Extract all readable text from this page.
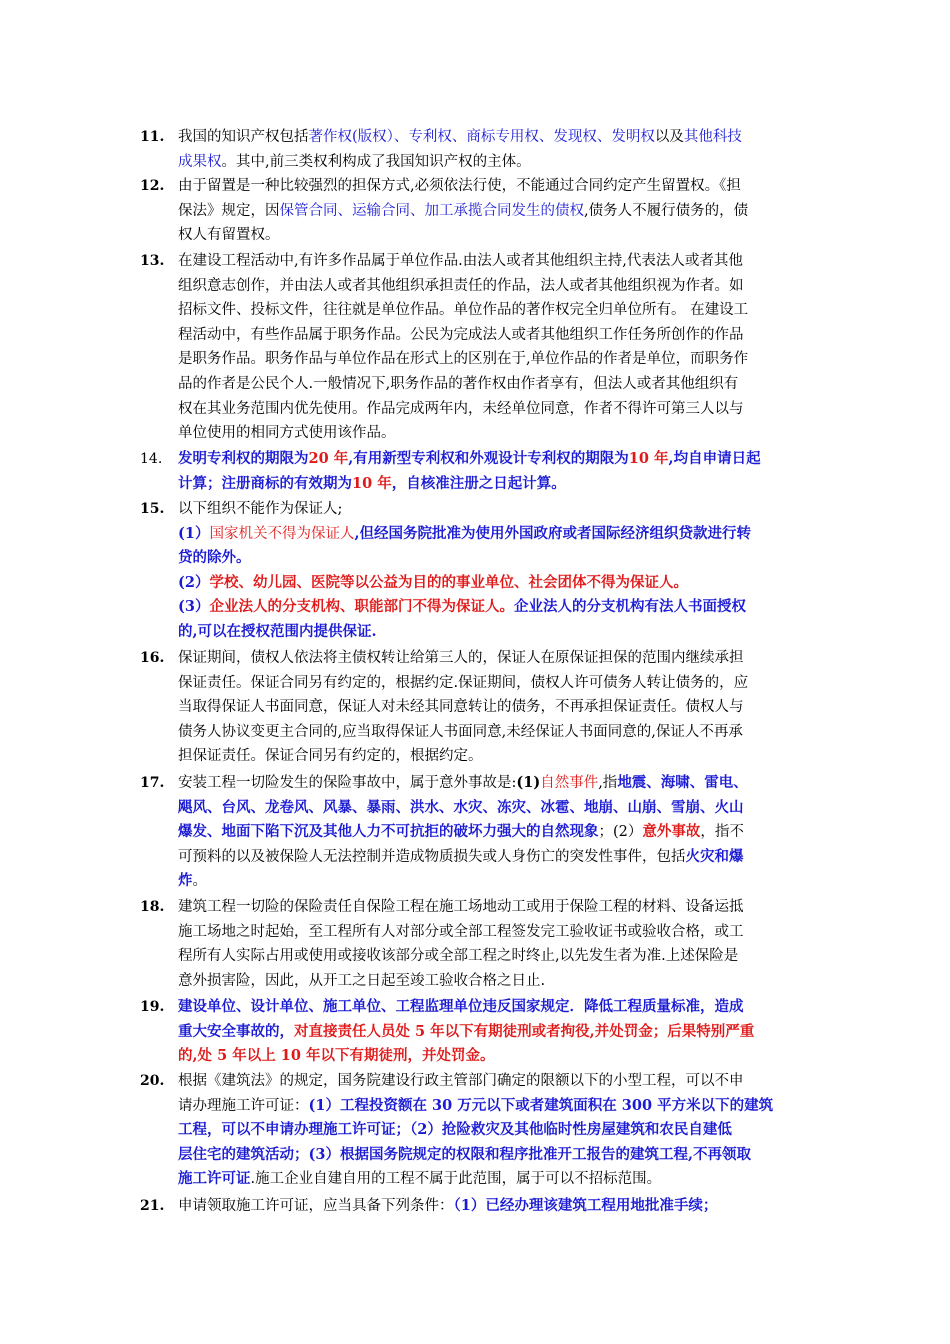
11. 我国的知识产权包括著作权(版权）、专利权、商标专用权、发现权、发明权以及其他科技
成果权。其中,前三类权利构成了我国知识产权的主体。
12. 由于留置是一种比较强烈的担保方式,必须依法行使，不能通过合同约定产生留置权。《担
保法》规定，因保管合同、运输合同、加工承揽合同发生的债权,债务人不履行债务的，债
权人有留置权。
13. 在建设工程活动中,有许多作品属于单位作品.由法人或者其他组织主持,代表法人或者其他
组织意志创作，并由法人或者其他组织承担责任的作品，法人或者其他组织视为作者。如
招标文件、投标文件，往往就是单位作品。单位作品的著作权完全归单位所有。 在建设工
程活动中，有些作品属于职务作品。公民为完成法人或者其他组织工作任务所创作的作品
是职务作品。职务作品与单位作品在形式上的区别在于,单位作品的作者是单位，而职务作
品的作者是公民个人.一般情况下,职务作品的著作权由作者享有，但法人或者其他组织有
权在其业务范围内优先使用。作品完成两年内，未经单位同意，作者不得许可第三人以与
单位使用的相同方式使用该作品。
14.	发明专利权的期限为20 年,有用新型专利权和外观设计专利权的期限为10 年,均自申请日起
计算；注册商标的有效期为10 年，自核准注册之日起计算。
15. 以下组织不能作为保证人;
(1）国家机关不得为保证人,但经国务院批准为使用外国政府或者国际经济组织贷款进行转
贷的除外。
(2）学校、幼儿园、医院等以公益为目的的事业单位、社会团体不得为保证人。
(3）企业法人的分支机构、职能部门不得为保证人。企业法人的分支机构有法人书面授权
的,可以在授权范围内提供保证.
16. 保证期间，债权人依法将主债权转让给第三人的，保证人在原保证担保的范围内继续承担
保证责任。保证合同另有约定的，根据约定.保证期间，债权人许可债务人转让债务的，应
当取得保证人书面同意，保证人对未经其同意转让的债务，不再承担保证责任。债权人与
债务人协议变更主合同的,应当取得保证人书面同意,未经保证人书面同意的,保证人不再承
担保证责任。保证合同另有约定的，根据约定。
17. 安装工程一切险发生的保险事故中，属于意外事故是:(1)自然事件,指地震、海啸、雷电、
飓风、台风、龙卷风、风暴、暴雨、洪水、水灾、冻灾、冰雹、地崩、山崩、雪崩、火山
爆发、地面下陷下沉及其他人力不可抗拒的破坏力强大的自然现象；(2）意外事故，指不
可预料的以及被保险人无法控制并造成物质损失或人身伤亡的突发性事件，包括火灾和爆
炸。
18. 建筑工程一切险的保险责任自保险工程在施工场地动工或用于保险工程的材料、设备运抵
施工场地之时起始，至工程所有人对部分或全部工程签发完工验收证书或验收合格，或工
程所有人实际占用或使用或接收该部分或全部工程之时终止,以先发生者为准.上述保险是
意外损害险，因此，从开工之日起至竣工验收合格之日止.
19. 建设单位、设计单位、施工单位、工程监理单位违反国家规定．降低工程质量标准，造成
重大安全事故的，对直接责任人员处 5 年以下有期徒刑或者拘役,并处罚金；后果特别严重
的,处 5 年以上 10 年以下有期徒刑，并处罚金。
20. 根据《建筑法》的规定，国务院建设行政主管部门确定的限额以下的小型工程，可以不申
请办理施工许可证：(1）工程投资额在 30 万元以下或者建筑面积在 300 平方米以下的建筑
工程，可以不申请办理施工许可证；（2）抢险救灾及其他临时性房屋建筑和农民自建低
层住宅的建筑活动；(3）根据国务院规定的权限和程序批准开工报告的建筑工程,不再领取
施工许可证.施工企业自建自用的工程不属于此范围，属于可以不招标范围。
21. 申请领取施工许可证，应当具备下列条件：（1）已经办理该建筑工程用地批准手续；
